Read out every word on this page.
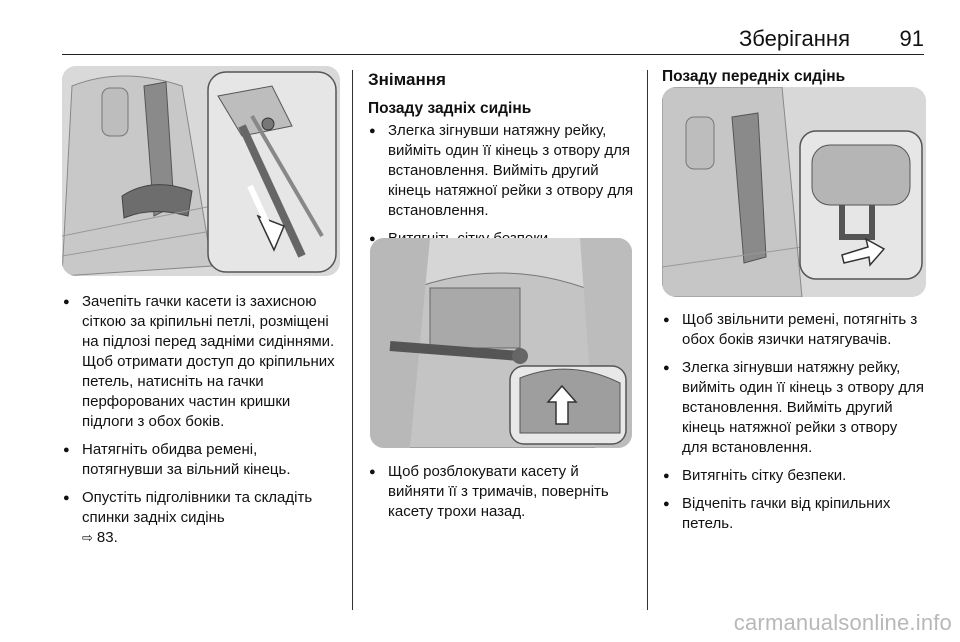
Зберігання 91
● Зачепіть гачки касети із захисною сіткою за кріпильні петлі, розміщені на підлозі перед задніми сидіннями. Щоб отримати доступ до кріпильних петель, натисніть на гачки перфорованих частин кришки підлоги з обох боків.
● Натягніть обидва ремені, потягнувши за вільний кінець.
● Опустіть підголівники та складіть спинки задніх сидінь
⇨ 83.
Знімання
Позаду задніх сидінь
● Злегка зігнувши натяжну рейку, вийміть один її кінець з отвору для встановлення. Вийміть другий кінець натяжної рейки з отвору для встановлення.
●
● Щоб розблокувати касету й вийняти її з тримачів, поверніть касету трохи назад.
Позаду передніх сидінь
● Щоб звільнити ремені, потягніть з обох боків язички натягувачів.
● Злегка зігнувши натяжну рейку, вийміть один її кінець з отвору для встановлення. Вийміть другий кінець натяжної рейки з отвору для встановлення.
● Витягніть сітку безпеки.
● Відчепіть гачки від кріпильних петель.
carmanualsonline.info
